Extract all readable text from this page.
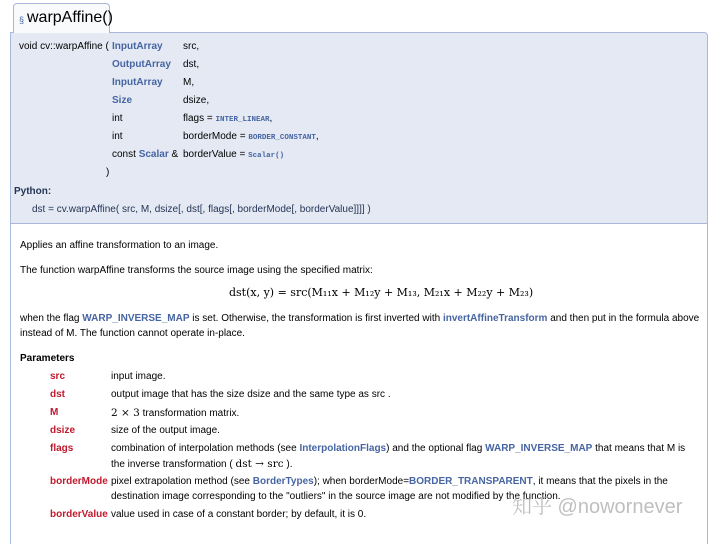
§ warpAffine()
void cv::warpAffine ( InputArray src,
OutputArray dst,
InputArray M,
Size	dsize,
int	flags = INTER_LINEAR,
int	borderMode = BORDER_CONSTANT,
const Scalar & borderValue = Scalar()
)
Python:
dst = cv.warpAffine( src, M, dsize[, dst[, flags[, borderMode[, borderValue]]]] )
Applies an affine transformation to an image.
The function warpAffine transforms the source image using the specified matrix:
dst(x, y) = src(M₁₁x + M₁₂y + M₁₃, M₂₁x + M₂₂y + M₂₃)
when the flag WARP_INVERSE_MAP is set. Otherwise, the transformation is first inverted with invertAffineTransform and then put in the formula above
instead of M. The function cannot operate in-place.
Parameters
src	input image.
dst	output image that has the size dsize and the same type as src .
M	2 × 3 transformation matrix.
dsize	size of the output image.
flags	combination of interpolation methods (see InterpolationFlags) and the optional flag WARP_INVERSE_MAP that means that M is
the inverse transformation ( dst → src ).
borderMode pixel extrapolation method (see BorderTypes); when borderMode=BORDER_TRANSPARENT, it means that the pixels in the
destination image corresponding to the "outliers" in the source image are not modified by the function.
borderValue value used in case of a constant border; by default, it is 0.	知乎 @nowornever
